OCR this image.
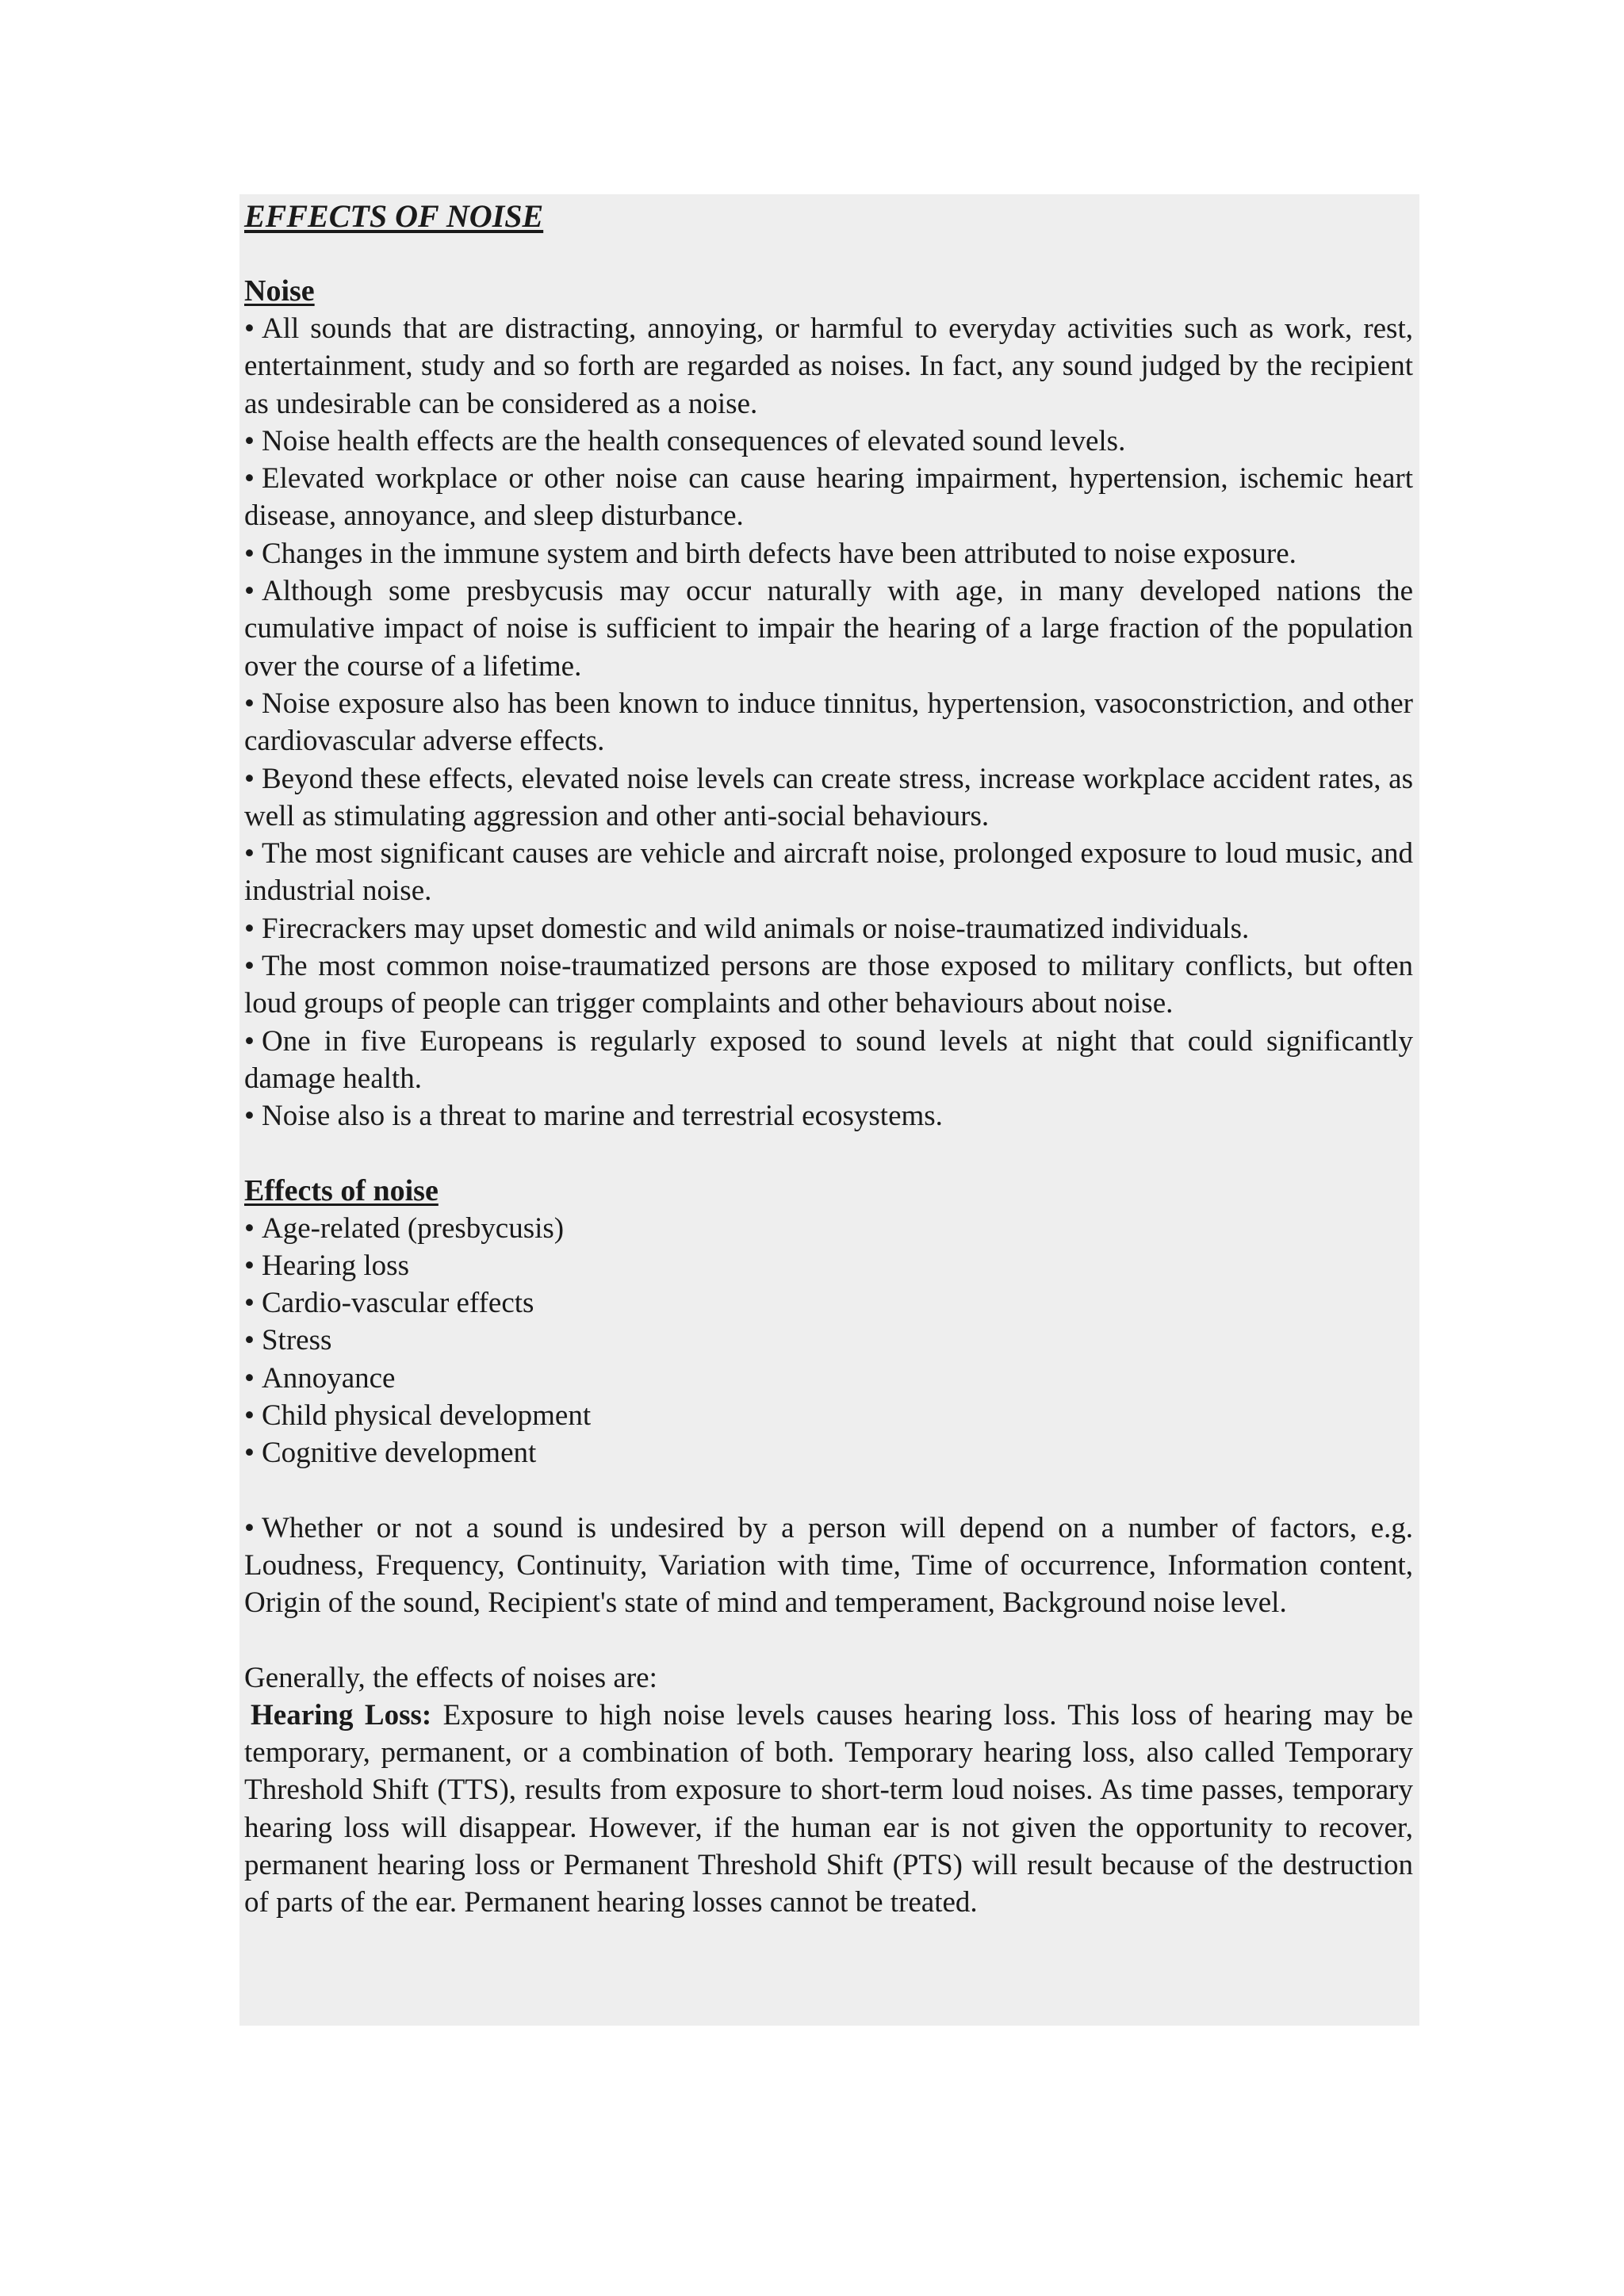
EFFECTS OF NOISE
Noise
• All sounds that are distracting, annoying, or harmful to everyday activities such as work, rest, entertainment, study and so forth are regarded as noises. In fact, any sound judged by the recipient as undesirable can be considered as a noise.
• Noise health effects are the health consequences of elevated sound levels.
• Elevated workplace or other noise can cause hearing impairment, hypertension, ischemic heart disease, annoyance, and sleep disturbance.
• Changes in the immune system and birth defects have been attributed to noise exposure.
• Although some presbycusis may occur naturally with age, in many developed nations the cumulative impact of noise is sufficient to impair the hearing of a large fraction of the population over the course of a lifetime.
• Noise exposure also has been known to induce tinnitus, hypertension, vasoconstriction, and other cardiovascular adverse effects.
• Beyond these effects, elevated noise levels can create stress, increase workplace accident rates, as well as stimulating aggression and other anti-social behaviours.
• The most significant causes are vehicle and aircraft noise, prolonged exposure to loud music, and industrial noise.
• Firecrackers may upset domestic and wild animals or noise-traumatized individuals.
• The most common noise-traumatized persons are those exposed to military conflicts, but often loud groups of people can trigger complaints and other behaviours about noise.
• One in five Europeans is regularly exposed to sound levels at night that could significantly damage health.
• Noise also is a threat to marine and terrestrial ecosystems.
Effects of noise
• Age-related (presbycusis)
• Hearing loss
• Cardio-vascular effects
• Stress
• Annoyance
• Child physical development
• Cognitive development

• Whether or not a sound is undesired by a person will depend on a number of factors, e.g. Loudness, Frequency, Continuity, Variation with time, Time of occurrence, Information content, Origin of the sound, Recipient's state of mind and temperament, Background noise level.

Generally, the effects of noises are:

Hearing Loss: Exposure to high noise levels causes hearing loss. This loss of hearing may be temporary, permanent, or a combination of both. Temporary hearing loss, also called Temporary Threshold Shift (TTS), results from exposure to short-term loud noises. As time passes, temporary hearing loss will disappear. However, if the human ear is not given the opportunity to recover, permanent hearing loss or Permanent Threshold Shift (PTS) will result because of the destruction of parts of the ear. Permanent hearing losses cannot be treated.
